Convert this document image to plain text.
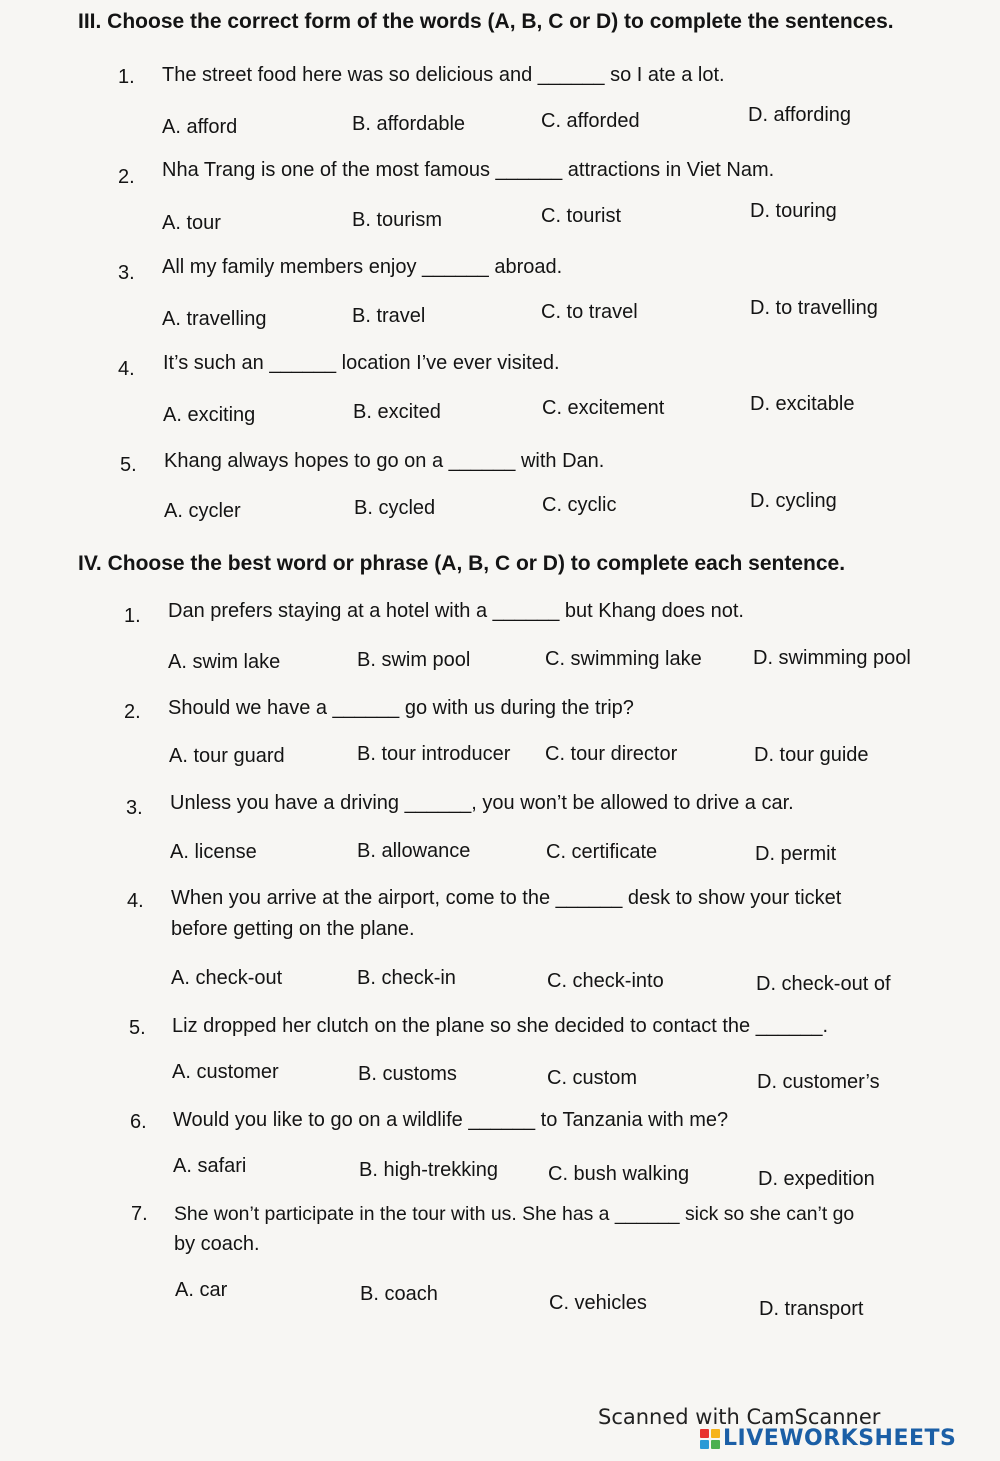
III. Choose the correct form of the words (A, B, C or D) to complete the sentences.
1. The street food here was so delicious and ______ so I ate a lot.
A. afford	B. affordable	C. afforded	D. affording
2. Nha Trang is one of the most famous ______ attractions in Viet Nam.
A. tour	B. tourism	C. tourist	D. touring
3. All my family members enjoy ______ abroad.
A. travelling	B. travel	C. to travel	D. to travelling
4. It’s such an ______ location I’ve ever visited.
A. exciting	B. excited	C. excitement	D. excitable
5. Khang always hopes to go on a ______ with Dan.
A. cycler	B. cycled	C. cyclic	D. cycling
IV. Choose the best word or phrase (A, B, C or D) to complete each sentence.
1. Dan prefers staying at a hotel with a ______ but Khang does not.
A. swim lake	B. swim pool	C. swimming lake	D. swimming pool
2. Should we have a ______ go with us during the trip?
A. tour guard	B. tour introducer C. tour director	D. tour guide
3. Unless you have a driving ______, you won’t be allowed to drive a car.
A. license	B. allowance	C. certificate	D. permit
4. When you arrive at the airport, come to the ______ desk to show your ticket
before getting on the plane.
A. check-out	B. check-in	C. check-into	D. check-out of
5. Liz dropped her clutch on the plane so she decided to contact the ______.
A. customer	B. customs	C. custom	D. customer’s
6. Would you like to go on a wildlife ______ to Tanzania with me?
A. safari	B. high-trekking	C. bush walking	D. expedition
7. She won’t participate in the tour with us. She has a ______ sick so she can’t go
by coach.
A. car	B. coach	C. vehicles	D. transport
Scanned with CamScanner
LIVEWORKSHEETS
